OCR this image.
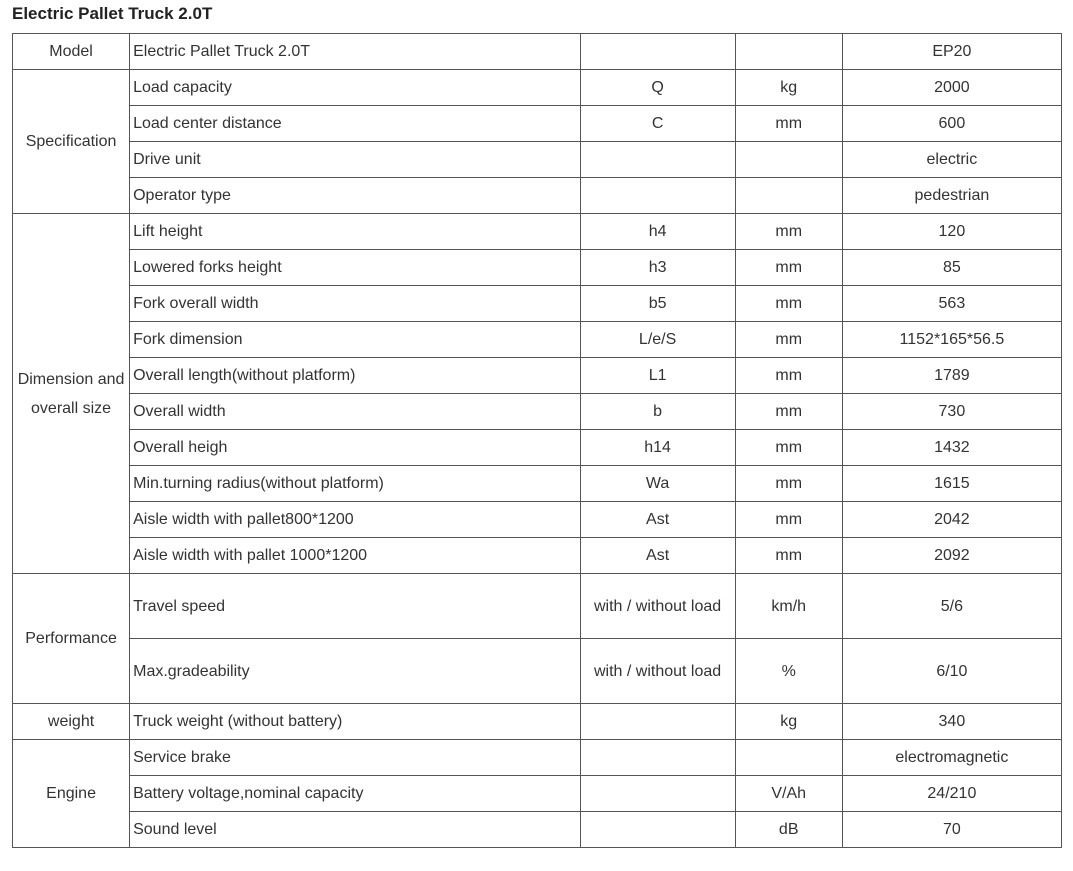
Electric Pallet Truck 2.0T
Model	Electric Pallet Truck 2.0T			EP20
Specification	Load capacity	Q	kg	2000
	Load center distance	C	mm	600
	Drive unit			electric
	Operator type			pedestrian
Dimension and overall size	Lift height	h4	mm	120
	Lowered forks height	h3	mm	85
	Fork overall width	b5	mm	563
	Fork dimension	L/e/S	mm	1152*165*56.5
	Overall length(without platform)	L1	mm	1789
	Overall width	b	mm	730
	Overall heigh	h14	mm	1432
	Min.turning radius(without platform)	Wa	mm	1615
	Aisle width with pallet800*1200	Ast	mm	2042
	Aisle width with pallet 1000*1200	Ast	mm	2092
Performance	Travel speed	with / without load	km/h	5/6
	Max.gradeability	with / without load	%	6/10
weight	Truck weight (without battery)		kg	340
Engine	Service brake			electromagnetic
	Battery voltage,nominal capacity		V/Ah	24/210
	Sound level		dB	70
